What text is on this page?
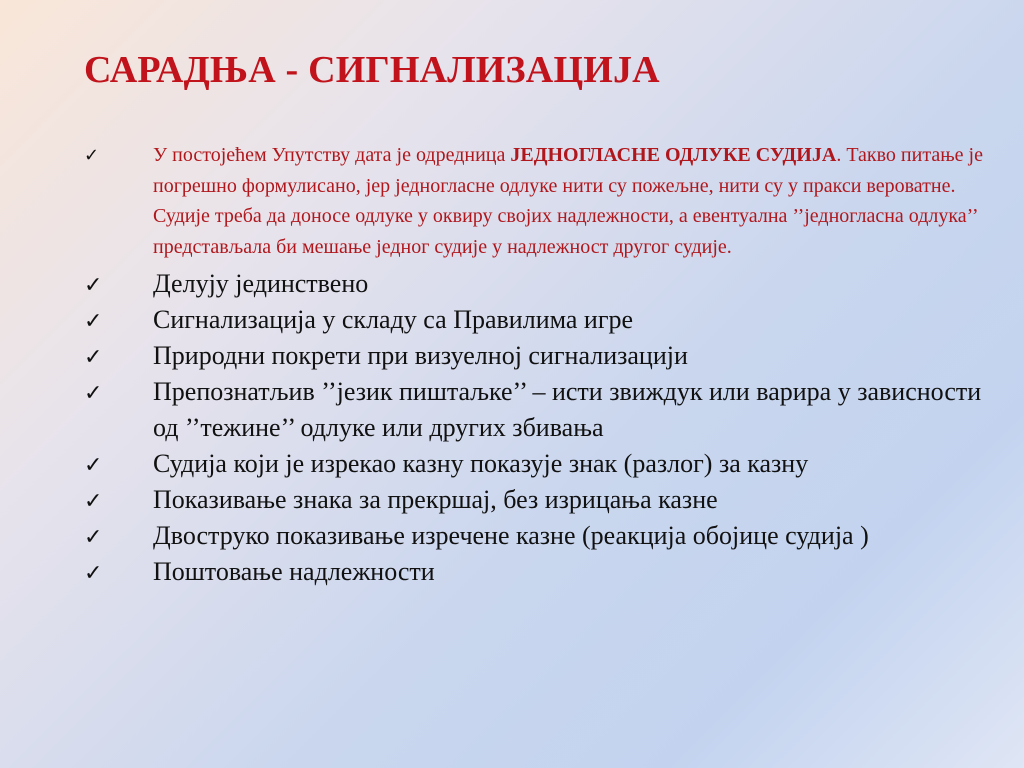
САРАДЊА - СИГНАЛИЗАЦИЈА
✓	У постојећем Упутству дата је одредница ЈЕДНОГЛАСНЕ ОДЛУКЕ СУДИЈА. Такво питање је погрешно формулисано, јер једногласне одлуке нити су пожељне, нити су у пракси вероватне. Судије треба да доносе одлуке у оквиру својих надлежности, а евентуална ’’једногласна одлука’’ представљала би мешање једног судије у надлежност другог судије.
✓ Делују јединствено
✓ Сигнализација у складу са Правилима игре
✓ Природни покрети при визуелној сигнализацији
✓ Препознатљив ’’језик пиштаљке’’ – исти звиждук или варира у зависности од ’’тежине’’ одлуке или других збивања
✓ Судија који је изрекао казну показује знак (разлог) за казну
✓ Показивање знака за прекршај, без изрицања казне
✓ Двоструко показивање изречене казне (реакција обојице судија )
✓ Поштовање надлежности
